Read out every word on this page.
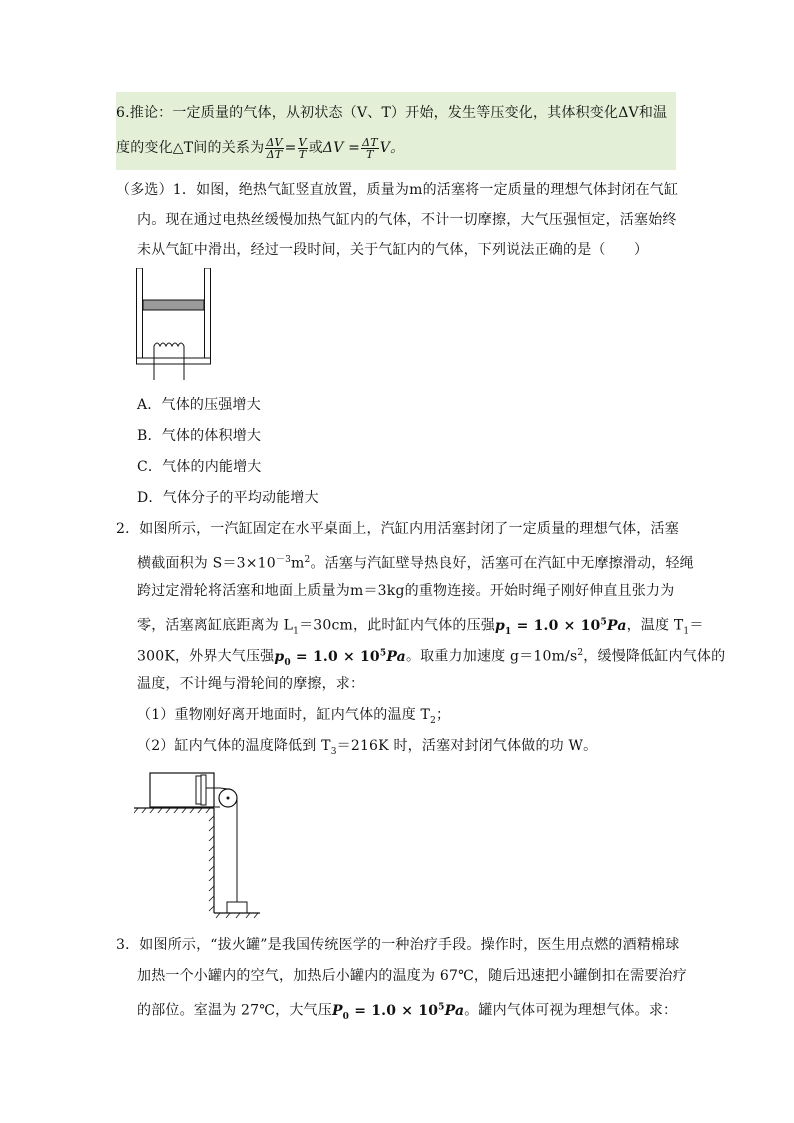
6.推论：一定质量的气体，从初状态（V、T）开始，发生等压变化，其体积变化ΔV和温
度的变化△T间的关系为 $\frac{\Delta V}{\Delta T} = \frac{V}{T}$ 或$\Delta V = \frac{\Delta T}{T}$ V。
（多选）1．如图，绝热气缸竖直放置，质量为m的活塞将一定质量的理想气体封闭在气缸
内。现在通过电热丝缓慢加热气缸内的气体，不计一切摩擦，大气压强恒定，活塞始终
未从气缸中滑出，经过一段时间，关于气缸内的气体，下列说法正确的是（　　）
A．气体的压强增大
B．气体的体积增大
C．气体的内能增大
D．气体分子的平均动能增大
2．如图所示，一汽缸固定在水平桌面上，汽缸内用活塞封闭了一定质量的理想气体，活塞
横截面积为 $S=3\times 10^{-3}m^2$。活塞与汽缸壁导热良好，活塞可在汽缸中无摩擦滑动，轻绳
跨过定滑轮将活塞和地面上质量为m＝3kg的重物连接。开始时绳子刚好伸直且张力为
零，活塞离缸底距离为 $L_1=30cm$，此时缸内气体的压强$p_1 = 1.0 \times 10^5Pa$，温度 $T_1=$
300K，外界大气压强$p_0 = 1.0 \times 10^5Pa$。取重力加速度 $g=10m/s^2$，缓慢降低缸内气体的
温度，不计绳与滑轮间的摩擦，求：
（1）重物刚好离开地面时，缸内气体的温度 $T_2$；
（2）缸内气体的温度降低到 $T_3=216K$ 时，活塞对封闭气体做的功 W。
3．如图所示，“拔火罐”是我国传统医学的一种治疗手段。操作时，医生用点燃的酒精棉球
加热一个小罐内的空气，加热后小罐内的温度为 67℃，随后迅速把小罐倒扣在需要治疗
的部位。室温为 27℃，大气压$P_0 = 1.0 \times 10^5Pa$。罐内气体可视为理想气体。求：
